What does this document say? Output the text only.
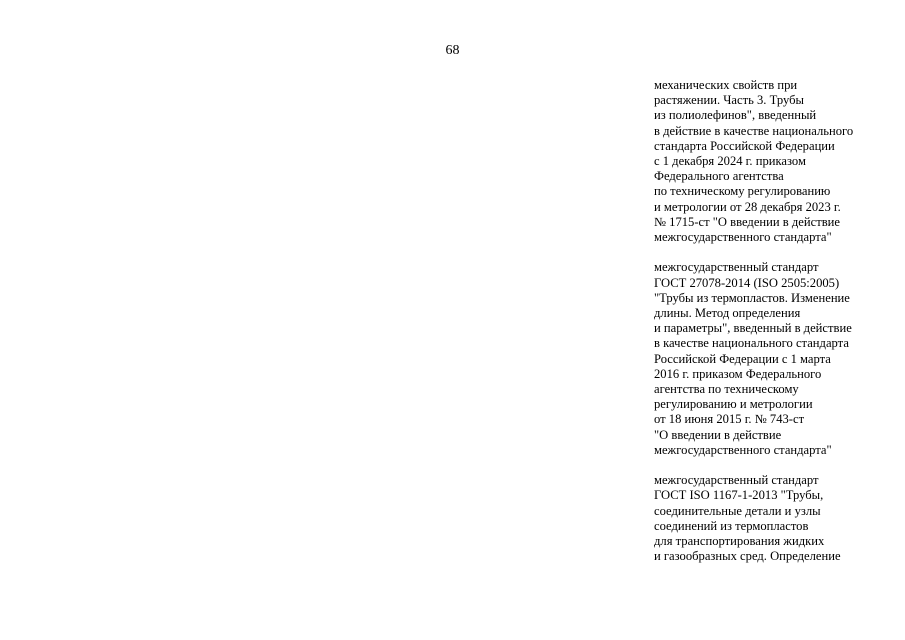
68

механических свойств при
растяжении. Часть 3. Трубы
из полиолефинов", введенный
в действие в качестве национального
стандарта Российской Федерации
с 1 декабря 2024 г. приказом
Федерального агентства
по техническому регулированию
и метрологии от 28 декабря 2023 г.
№ 1715-ст "О введении в действие
межгосударственного стандарта"

межгосударственный стандарт
ГОСТ 27078-2014 (ISO 2505:2005)
"Трубы из термопластов. Изменение
длины. Метод определения
и параметры", введенный в действие
в качестве национального стандарта
Российской Федерации с 1 марта
2016 г. приказом Федерального
агентства по техническому
регулированию и метрологии
от 18 июня 2015 г. № 743-ст
"О введении в действие
межгосударственного стандарта"

межгосударственный стандарт
ГОСТ ISO 1167-1-2013 "Трубы,
соединительные детали и узлы
соединений из термопластов
для транспортирования жидких
и газообразных сред. Определение
